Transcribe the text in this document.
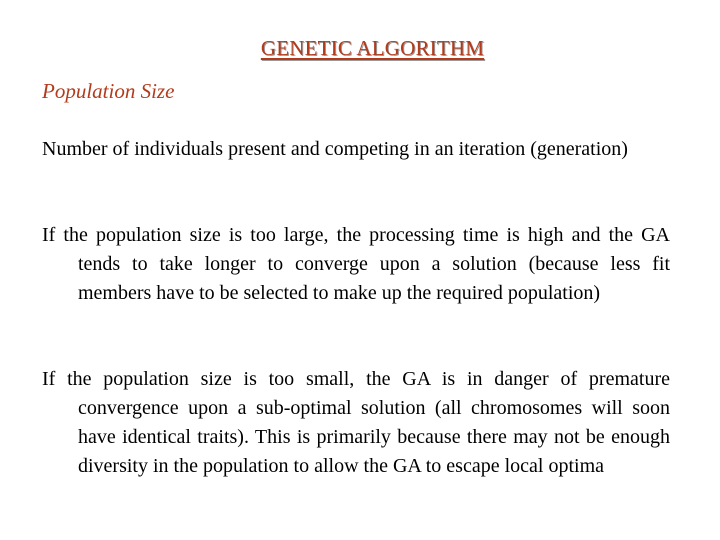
GENETIC ALGORITHM
Population Size
Number of individuals present and competing in an iteration (generation)
If the population size is too large, the processing time is high and the GA tends to take longer to converge upon a solution (because less fit members have to be selected to make up the required population)
If the population size is too small, the GA is in danger of premature convergence upon a sub-optimal solution (all chromosomes will soon have identical traits). This is primarily because there may not be enough diversity in the population to allow the GA to escape local optima
